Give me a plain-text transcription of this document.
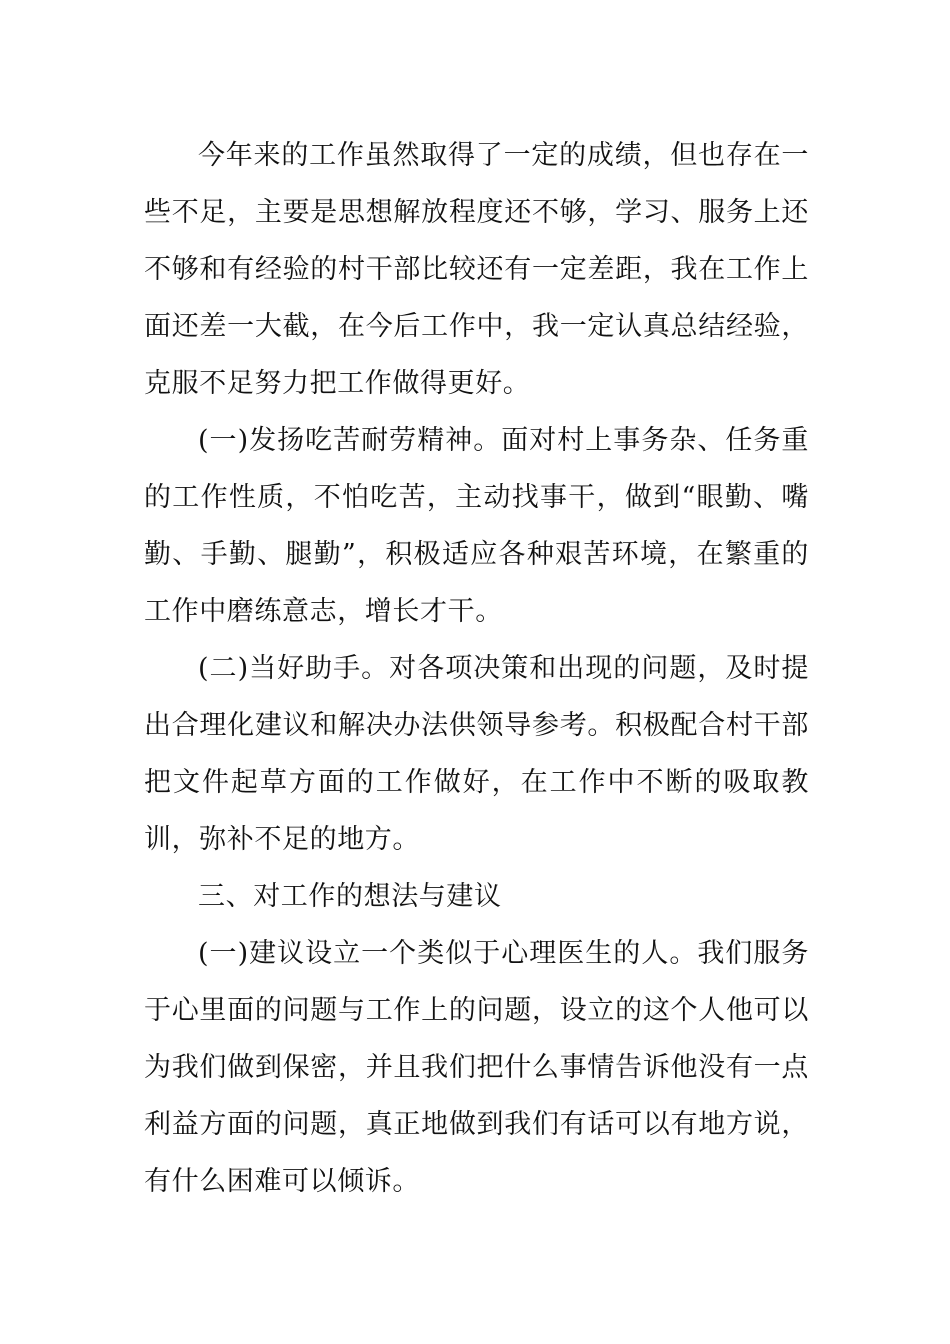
今年来的工作虽然取得了一定的成绩，但也存在一些不足，主要是思想解放程度还不够，学习、服务上还不够和有经验的村干部比较还有一定差距，我在工作上面还差一大截，在今后工作中，我一定认真总结经验，克服不足努力把工作做得更好。

(一)发扬吃苦耐劳精神。面对村上事务杂、任务重的工作性质，不怕吃苦，主动找事干，做到“眼勤、嘴勤、手勤、腿勤”，积极适应各种艰苦环境，在繁重的工作中磨练意志，增长才干。

(二)当好助手。对各项决策和出现的问题，及时提出合理化建议和解决办法供领导参考。积极配合村干部把文件起草方面的工作做好，在工作中不断的吸取教训，弥补不足的地方。

三、对工作的想法与建议

(一)建议设立一个类似于心理医生的人。我们服务于心里面的问题与工作上的问题，设立的这个人他可以为我们做到保密，并且我们把什么事情告诉他没有一点利益方面的问题，真正地做到我们有话可以有地方说，有什么困难可以倾诉。
